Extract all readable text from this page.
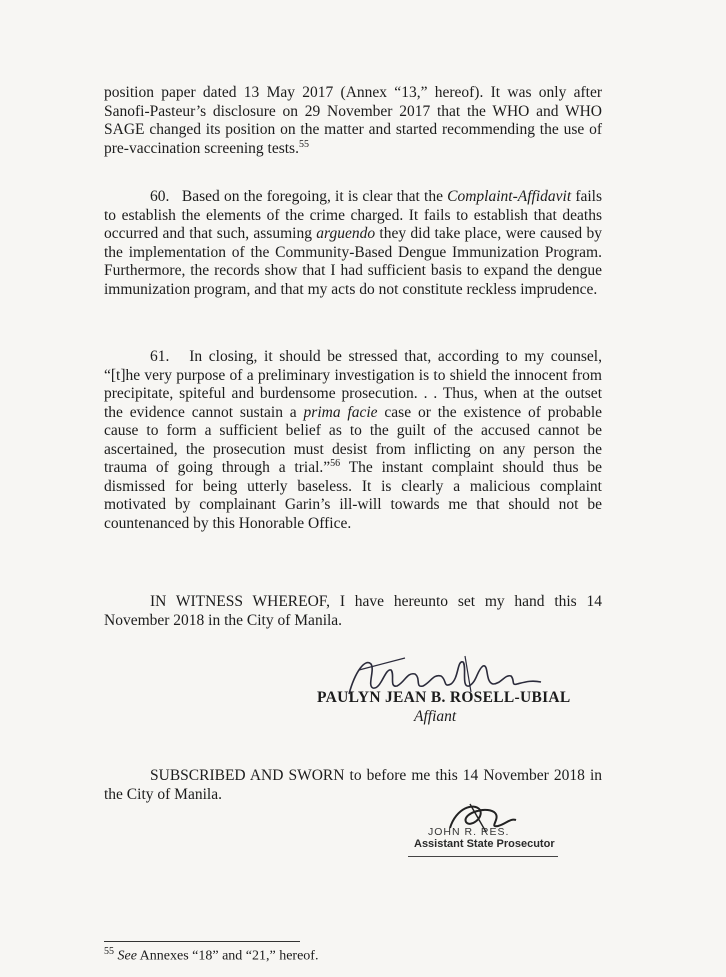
position paper dated 13 May 2017 (Annex “13,” hereof). It was only after Sanofi-Pasteur’s disclosure on 29 November 2017 that the WHO and WHO SAGE changed its position on the matter and started recommending the use of pre-vaccination screening tests.$^{55}$

60.   Based on the foregoing, it is clear that the Complaint-Affidavit fails to establish the elements of the crime charged. It fails to establish that deaths occurred and that such, assuming arguendo they did take place, were caused by the implementation of the Community-Based Dengue Immunization Program. Furthermore, the records show that I had sufficient basis to expand the dengue immunization program, and that my acts do not constitute reckless imprudence.

61.   In closing, it should be stressed that, according to my counsel, “[t]he very purpose of a preliminary investigation is to shield the innocent from precipitate, spiteful and burdensome prosecution. . . Thus, when at the outset the evidence cannot sustain a prima facie case or the existence of probable cause to form a sufficient belief as to the guilt of the accused cannot be ascertained, the prosecution must desist from inflicting on any person the trauma of going through a trial.”$^{56}$ The instant complaint should thus be dismissed for being utterly baseless. It is clearly a malicious complaint motivated by complainant Garin’s ill-will towards me that should not be countenanced by this Honorable Office.

IN WITNESS WHEREOF, I have hereunto set my hand this 14 November 2018 in the City of Manila.

PAULYN JEAN B. ROSELL-UBIAL
Affiant

SUBSCRIBED AND SWORN to before me this 14 November 2018 in the City of Manila.

JOHN R. RES.
Assistant State Prosecutor
$^{55}$ See Annexes “18” and “21,” hereof.
